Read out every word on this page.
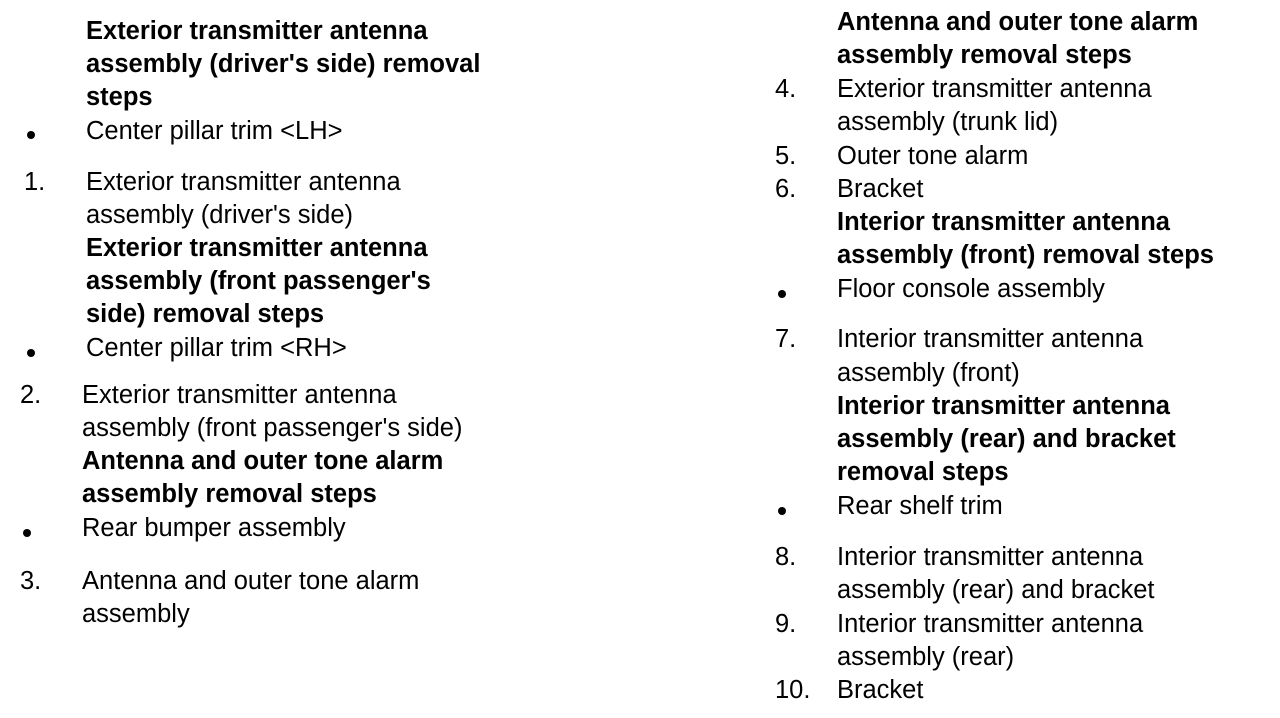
Exterior transmitter antenna
assembly (driver's side) removal
steps
Center pillar trim <LH>
1. Exterior transmitter antenna
assembly (driver's side)
Exterior transmitter antenna
assembly (front passenger's
side) removal steps
Center pillar trim <RH>
2. Exterior transmitter antenna
assembly (front passenger's side)
Antenna and outer tone alarm
assembly removal steps
Rear bumper assembly
3. Antenna and outer tone alarm
assembly
Antenna and outer tone alarm
assembly removal steps
4. Exterior transmitter antenna
assembly (trunk lid)
5. Outer tone alarm
6. Bracket
Interior transmitter antenna
assembly (front) removal steps
Floor console assembly
7. Interior transmitter antenna
assembly (front)
Interior transmitter antenna
assembly (rear) and bracket
removal steps
Rear shelf trim
8. Interior transmitter antenna
assembly (rear) and bracket
9. Interior transmitter antenna
assembly (rear)
10. Bracket
